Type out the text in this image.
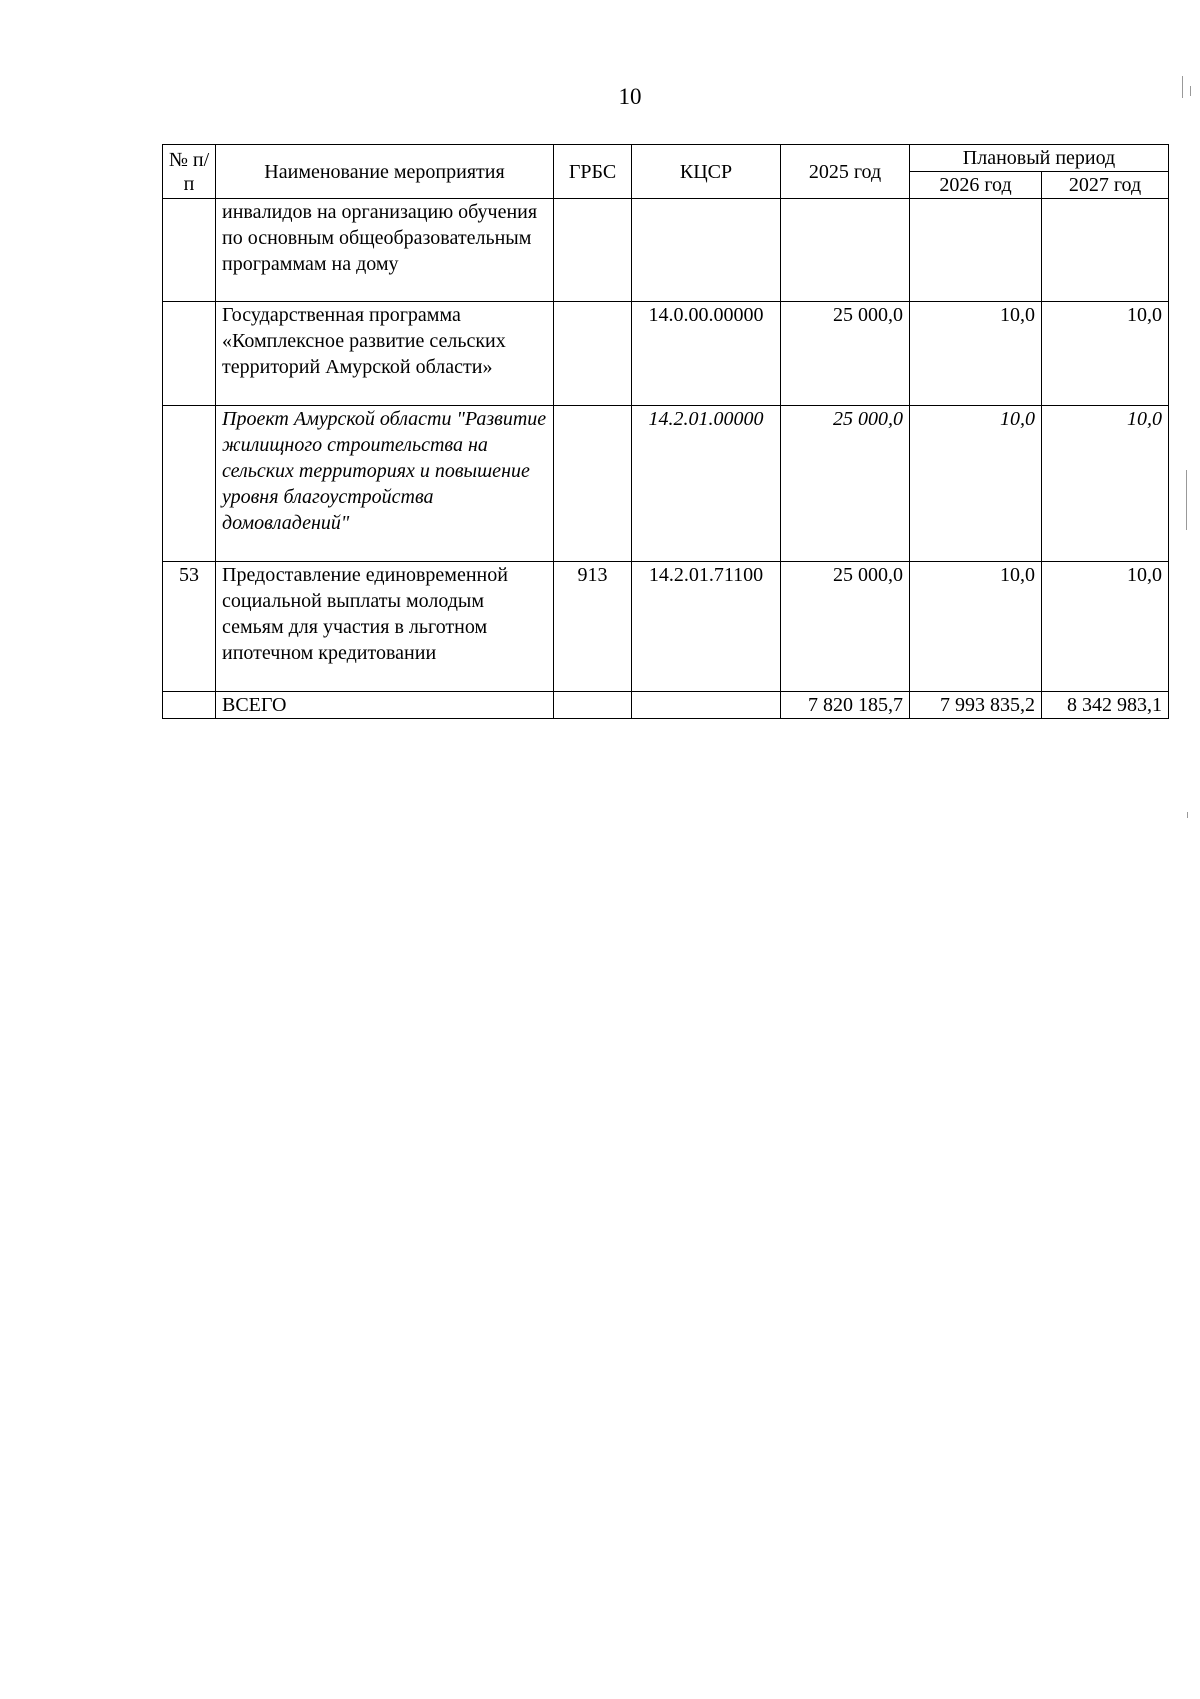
10
№ п/п	Наименование мероприятия	ГРБС	КЦСР	2025 год	Плановый период	
					2026 год	2027 год
	инвалидов на организацию обучения по основным общеобразовательным программам на дому					
	Государственная программа «Комплексное развитие сельских территорий Амурской области»		14.0.00.00000	25 000,0	10,0	10,0
	Проект Амурской области "Развитие жилищного строительства на сельских территориях и повышение уровня благоустройства домовладений"		14.2.01.00000	25 000,0	10,0	10,0
53	Предоставление единовременной социальной выплаты молодым семьям для участия в льготном ипотечном кредитовании	913	14.2.01.71100	25 000,0	10,0	10,0
	ВСЕГО			7 820 185,7	7 993 835,2	8 342 983,1
